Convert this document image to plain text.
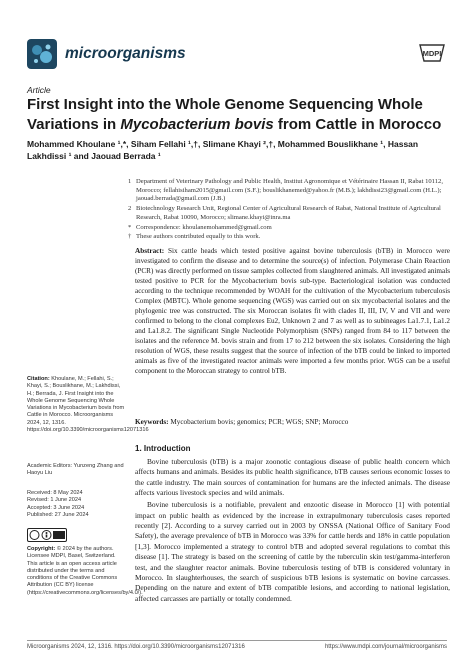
microorganisms	MDPI
Article
First Insight into the Whole Genome Sequencing Whole Variations in Mycobacterium bovis from Cattle in Morocco
Mohammed Khoulane ¹,*, Siham Fellahi ¹,†, Slimane Khayi ²,†, Mohammed Bouslikhane ¹, Hassan Lakhdissi ¹ and Jaouad Berrada ¹
1 Department of Veterinary Pathology and Public Health, Institut Agronomique et Vétérinaire Hassan II, Rabat 10112, Morocco; fellahisiham2015@gmail.com (S.F.); bouslikhanemed@yahoo.fr (M.B.); lakhdissi23@gmail.com (H.L.); jaouad.berrada@gmail.com (J.B.)
2 Biotechnology Research Unit, Regional Center of Agricultural Research of Rabat, National Institute of Agricultural Research, Rabat 10090, Morocco; slimane.khayi@inra.ma
* Correspondence: khoulanemohammed@gmail.com
† These authors contributed equally to this work.
Abstract: Six cattle heads which tested positive against bovine tuberculosis (bTB) in Morocco were investigated to confirm the disease and to determine the source(s) of infection. Polymerase Chain Reaction (PCR) was directly performed on tissue samples collected from slaughtered animals. All investigated animals tested positive to PCR for the Mycobacterium bovis sub-type. Bacteriological isolation was conducted according to the technique recommended by WOAH for the cultivation of the Mycobacterium tuberculosis Complex (MBTC). Whole genome sequencing (WGS) was carried out on six mycobacterial isolates and the phylogenic tree was constructed. The six Moroccan isolates fit with clades II, III, IV, V and VII and were confirmed to belong to the clonal complexes Eu2, Unknown 2 and 7 as well as to subineages La1.7.1, La1.2 and La1.8.2. The significant Single Nucleotide Polymorphism (SNPs) ranged from 84 to 117 between the isolates and the reference M. bovis strain and from 17 to 212 between the six isolates. Considering the high resolution of WGS, these results suggest that the source of infection of the bTB could be linked to imported animals as five of the investigated reactor animals were imported a few months prior. WGS can be a useful component to the Moroccan strategy to control bTB.
Keywords: Mycobacterium bovis; genomics; PCR; WGS; SNP; Morocco
Citation: Khoulane, M.; Fellahi, S.; Khayi, S.; Bouslikhane, M.; Lakhdissi, H.; Berrada, J. First Insight into the Whole Genome Sequencing Whole Variations in Mycobacterium bovis from Cattle in Morocco. Microorganisms 2024, 12, 1316. https://doi.org/10.3390/microorganisms12071316
Academic Editors: Yunzeng Zhang and Haoyu Liu
Received: 8 May 2024
Revised: 1 June 2024
Accepted: 3 June 2024
Published: 27 June 2024
Copyright: © 2024 by the authors. Licensee MDPI, Basel, Switzerland. This article is an open access article distributed under the terms and conditions of the Creative Commons Attribution (CC BY) license (https://creativecommons.org/licenses/by/4.0/).
1. Introduction

Bovine tuberculosis (bTB) is a major zoonotic contagious disease of public health concern which affects humans and animals. Besides its public health significance, bTB causes serious economic losses to the cattle industry. The main sources of contamination for humans are the infected animals. The disease affects various livestock species and wild animals.

Bovine tuberculosis is a notifiable, prevalent and enzootic disease in Morocco [1] with potential impact on public health as evidenced by the increase in extrapulmonary tuberculosis cases reported recently [2]. According to a survey carried out in 2003 by ONSSA (National Office of Sanitary Food Safety), the average prevalence of bTB in Morocco was 33% for cattle herds and 18% in cattle population [1,3]. Morocco implemented a strategy to control bTB and adopted several regulations to combat this disease [1]. The strategy is based on the screening of cattle by the tuberculin skin test/gamma-interferon test, and the slaughter reactor animals. Bovine tuberculosis testing of bTB is considered voluntary in Morocco. In slaughterhouses, the search of suspicious bTB lesions is systematic on bovine carcasses. Depending on the nature and extent of bTB compatible lesions, and according to national legislation, affected carcasses are partially or totally condemned.

Microorganisms 2024, 12, 1316. https://doi.org/10.3390/microorganisms12071316	https://www.mdpi.com/journal/microorganisms
